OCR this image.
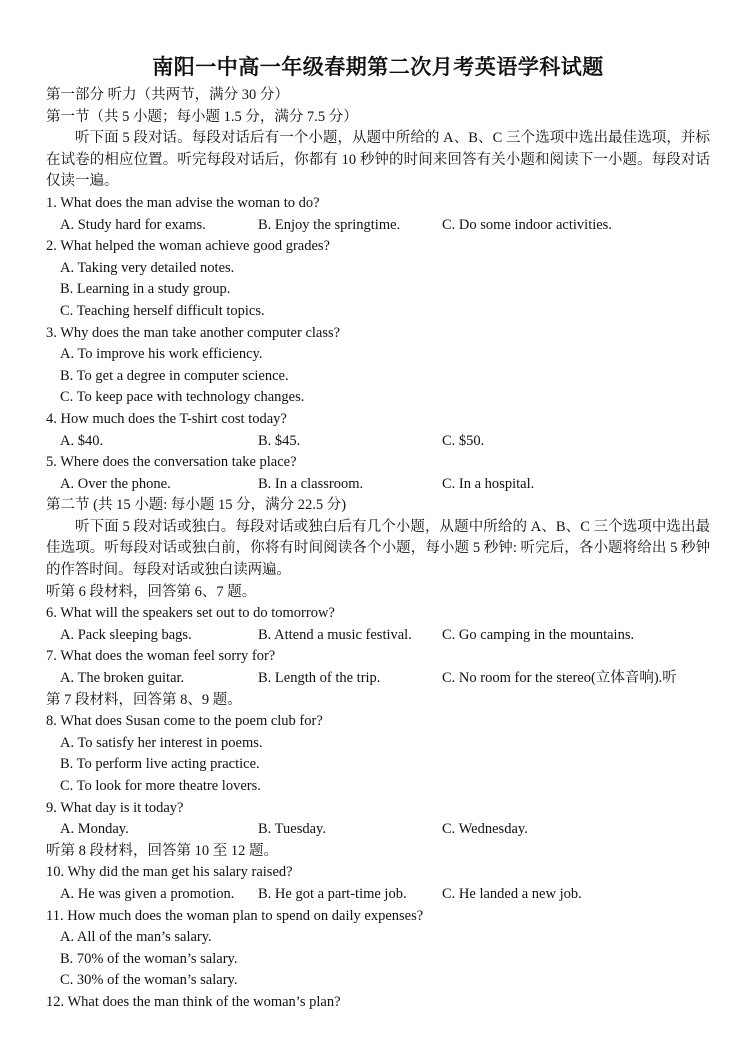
南阳一中高一年级春期第二次月考英语学科试题
第一部分 听力（共两节，满分 30 分）
第一节（共 5 小题；每小题 1.5 分，满分 7.5 分）
听下面 5 段对话。每段对话后有一个小题，从题中所给的 A、B、C 三个选项中选出最佳选项，并标在试卷的相应位置。听完每段对话后，你都有 10 秒钟的时间来回答有关小题和阅读下一小题。每段对话仅读一遍。
1. What does the man advise the woman to do?
A. Study hard for exams.	B. Enjoy the springtime.	C. Do some indoor activities.
2. What helped the woman achieve good grades?
A. Taking very detailed notes.
B. Learning in a study group.
C. Teaching herself difficult topics.
3. Why does the man take another computer class?
A. To improve his work efficiency.
B. To get a degree in computer science.
C. To keep pace with technology changes.
4. How much does the T-shirt cost today?
A. $40.	B. $45.	C. $50.
5. Where does the conversation take place?
A. Over the phone.	B. In a classroom.	C. In a hospital.
第二节 (共 15 小题: 每小题 15 分，满分 22.5 分)
听下面 5 段对话或独白。每段对话或独白后有几个小题，从题中所给的 A、B、C 三个选项中选出最佳选项。听每段对话或独白前，你将有时间阅读各个小题，每小题 5 秒钟: 听完后，各小题将给出 5 秒钟的作答时间。每段对话或独白读两遍。
听第 6 段材料，回答第 6、7 题。
6. What will the speakers set out to do tomorrow?
A. Pack sleeping bags.	B. Attend a music festival.	C. Go camping in the mountains.
7. What does the woman feel sorry for?
A. The broken guitar.	B. Length of the trip.	C. No room for the stereo(立体音响). 听
第 7 段材料，回答第 8、9 题。
8. What does Susan come to the poem club for?
A. To satisfy her interest in poems.
B. To perform live acting practice.
C. To look for more theatre lovers.
9. What day is it today?
A. Monday.	B. Tuesday.	C. Wednesday.
听第 8 段材料，回答第 10 至 12 题。
10. Why did the man get his salary raised?
A. He was given a promotion.	B. He got a part-time job.	C. He landed a new job.
11. How much does the woman plan to spend on daily expenses?
A. All of the man’s salary.
B. 70% of the woman’s salary.
C. 30% of the woman’s salary.
12. What does the man think of the woman’s plan?
